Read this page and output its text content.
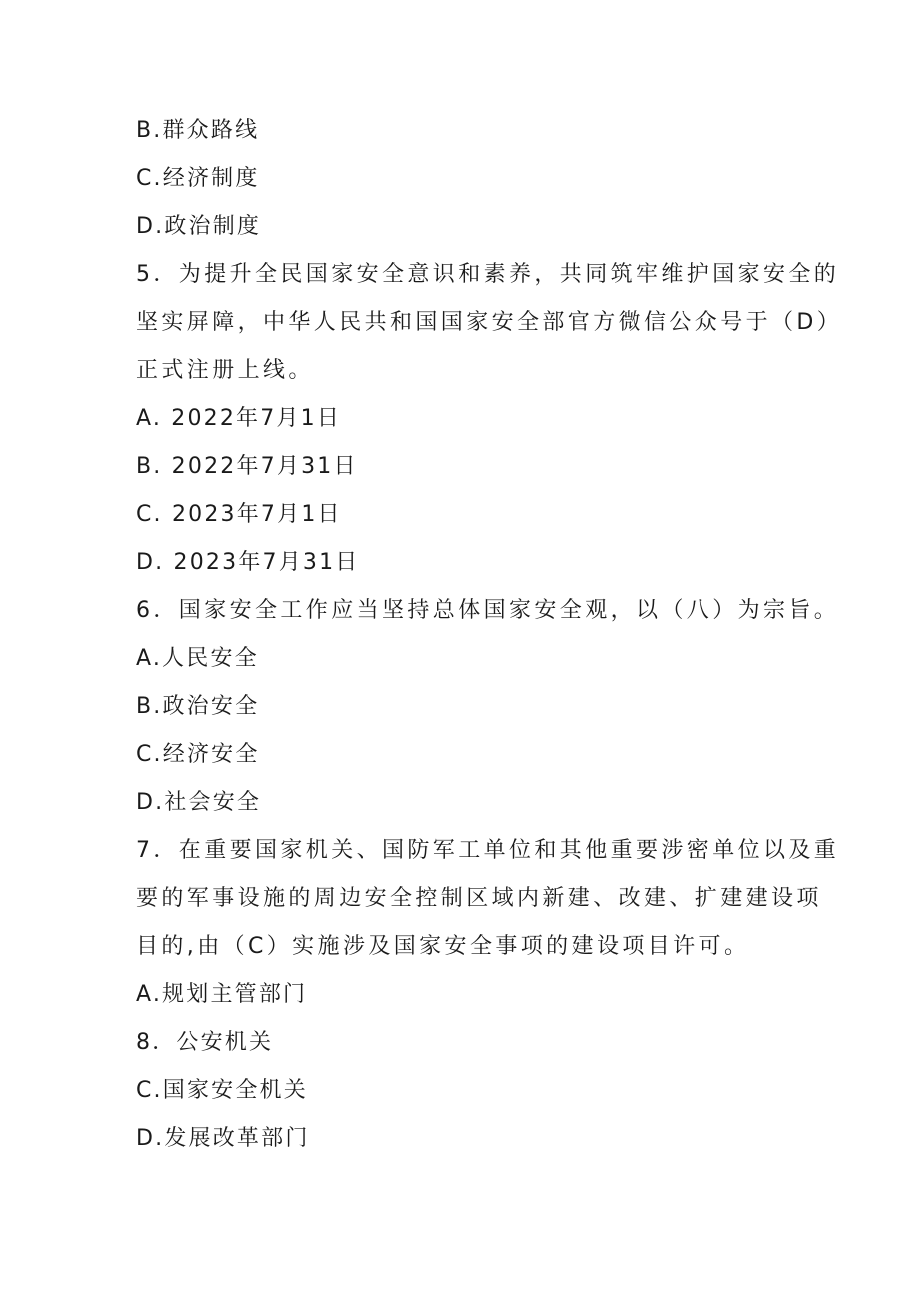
B.群众路线
C.经济制度
D.政治制度
5．为提升全民国家安全意识和素养，共同筑牢维护国家安全的
坚实屏障，中华人民共和国国家安全部官方微信公众号于（D）
正式注册上线。
A. 2022年7月1日
B. 2022年7月31日
C. 2023年7月1日
D. 2023年7月31日
6．国家安全工作应当坚持总体国家安全观，以（八）为宗旨。
A.人民安全
B.政治安全
C.经济安全
D.社会安全
7．在重要国家机关、国防军工单位和其他重要涉密单位以及重
要的军事设施的周边安全控制区域内新建、改建、扩建建设项
目的,由（C）实施涉及国家安全事项的建设项目许可。
A.规划主管部门
8．公安机关
C.国家安全机关
D.发展改革部门
